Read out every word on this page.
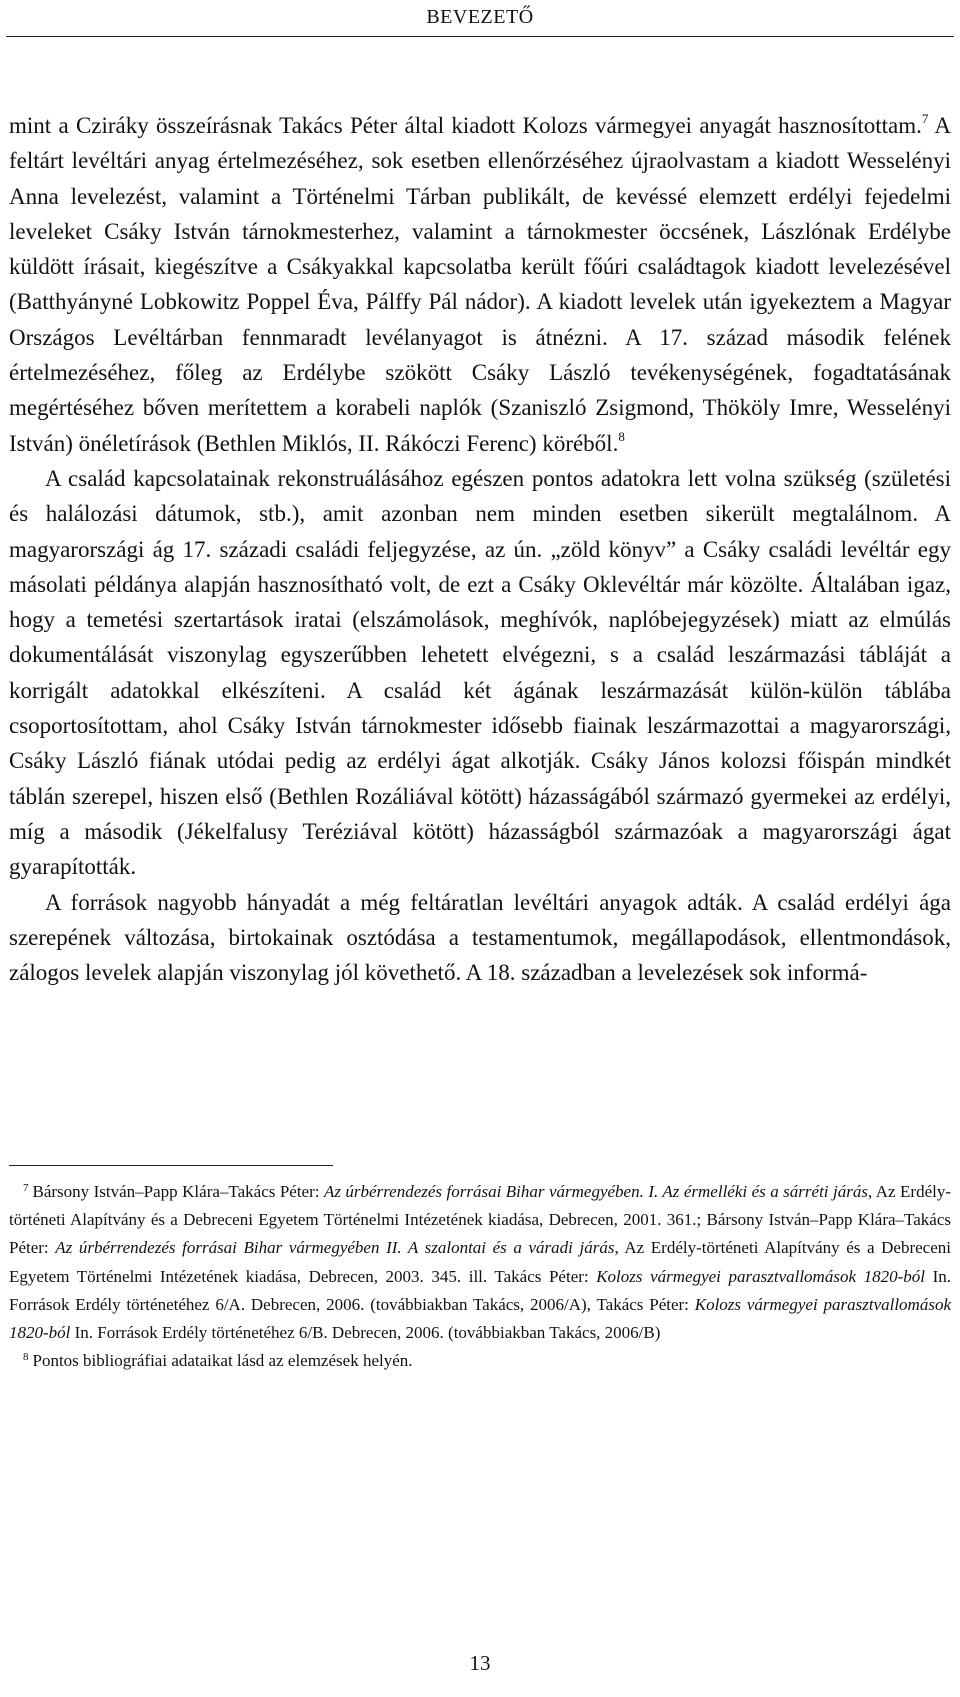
BEVEZETŐ

mint a Cziráky összeírásnak Takács Péter által kiadott Kolozs vármegyei anyagát hasznosítottam.$^7$ A feltárt levéltári anyag értelmezéséhez, sok esetben ellenőrzéséhez újraolvastam a kiadott Wesselényi Anna levelezést, valamint a Történelmi Tárban publikált, de kevéssé elemzett erdélyi fejedelmi leveleket Csáky István tárnokmesterhez, valamint a tárnokmester öccsének, Lászlónak Erdélybe küldött írásait, kiegészítve a Csákyakkal kapcsolatba került főúri családtagok kiadott levelezésével (Batthyányné Lobkowitz Poppel Éva, Pálffy Pál nádor). A kiadott levelek után igyekeztem a Magyar Országos Levéltárban fennmaradt levélanyagot is átnézni. A 17. század második felének értelmezéséhez, főleg az Erdélybe szökött Csáky László tevékenységének, fogadtatásának megértéséhez bőven merítettem a korabeli naplók (Szaniszló Zsigmond, Thököly Imre, Wesselényi István) önéletírások (Bethlen Miklós, II. Rákóczi Ferenc) köréből.$^8$

A család kapcsolatainak rekonstruálásához egészen pontos adatokra lett volna szükség (születési és halálozási dátumok, stb.), amit azonban nem minden esetben sikerült megtalálnom. A magyarországi ág 17. századi családi feljegyzése, az ún. „zöld könyv” a Csáky családi levéltár egy másolati példánya alapján hasznosítható volt, de ezt a Csáky Oklevéltár már közölte. Általában igaz, hogy a temetési szertartások iratai (elszámolások, meghívók, naplóbejegyzések) miatt az elmúlás dokumentálását viszonylag egyszerűbben lehetett elvégezni, s a család leszármazási tábláját a korrigált adatokkal elkészíteni. A család két ágának leszármazását külön-külön táblába csoportosítottam, ahol Csáky István tárnokmester idősebb fiainak leszármazottai a magyarországi, Csáky László fiának utódai pedig az erdélyi ágat alkotják. Csáky János kolozsi főispán mindkét táblán szerepel, hiszen első (Bethlen Rozáliával kötött) házasságából származó gyermekei az erdélyi, míg a második (Jékelfalusy Teréziával kötött) házasságból származóak a magyarországi ágat gyarapították.

A források nagyobb hányadát a még feltáratlan levéltári anyagok adták. A család erdélyi ága szerepének változása, birtokainak osztódása a testamentumok, megállapodások, ellentmondások, zálogos levelek alapján viszonylag jól követhető. A 18. században a levelezések sok informá-

$^7$ Bársony István–Papp Klára–Takács Péter: Az úrbérrendezés forrásai Bihar vármegyében. I. Az érmelléki és a sárréti járás, Az Erdély-történeti Alapítvány és a Debreceni Egyetem Történelmi Intézetének kiadása, Debrecen, 2001. 361.; Bársony István–Papp Klára–Takács Péter: Az úrbérrendezés forrásai Bihar vármegyében II. A szalontai és a váradi járás, Az Erdély-történeti Alapítvány és a Debreceni Egyetem Történelmi Intézetének kiadása, Debrecen, 2003. 345. ill. Takács Péter: Kolozs vármegyei parasztvallomások 1820-ból In. Források Erdély történetéhez 6/A. Debrecen, 2006. (továbbiakban Takács, 2006/A), Takács Péter: Kolozs vármegyei parasztvallomások 1820-ból In. Források Erdély történetéhez 6/B. Debrecen, 2006. (továbbiakban Takács, 2006/B)

$^8$ Pontos bibliográfiai adataikat lásd az elemzések helyén.

13
